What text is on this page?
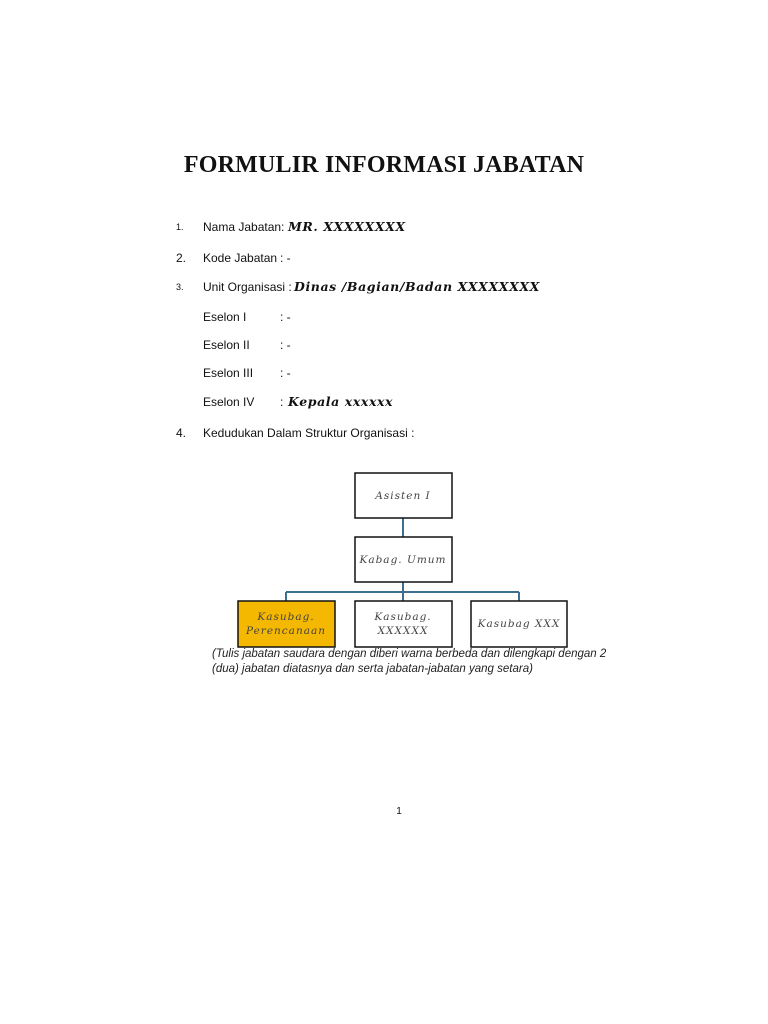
FORMULIR INFORMASI JABATAN
1. Nama Jabatan: MR. XXXXXXXX
2. Kode Jabatan : -
3. Unit Organisasi : Dinas /Bagian/Badan XXXXXXXX
Eselon I	: -
Eselon II	: -
Eselon III : -
Eselon IV : Kepala xxxxxx
4. Kedudukan Dalam Struktur Organisasi :
Asisten I
Kabag. Umum
Kasubag.
Perencanaan
Kasubag.
XXXXXX
Kasubag XXX
(Tulis jabatan saudara dengan diberi warna berbeda dan dilengkapi dengan 2 (dua) jabatan diatasnya dan serta jabatan-jabatan yang setara)
1
